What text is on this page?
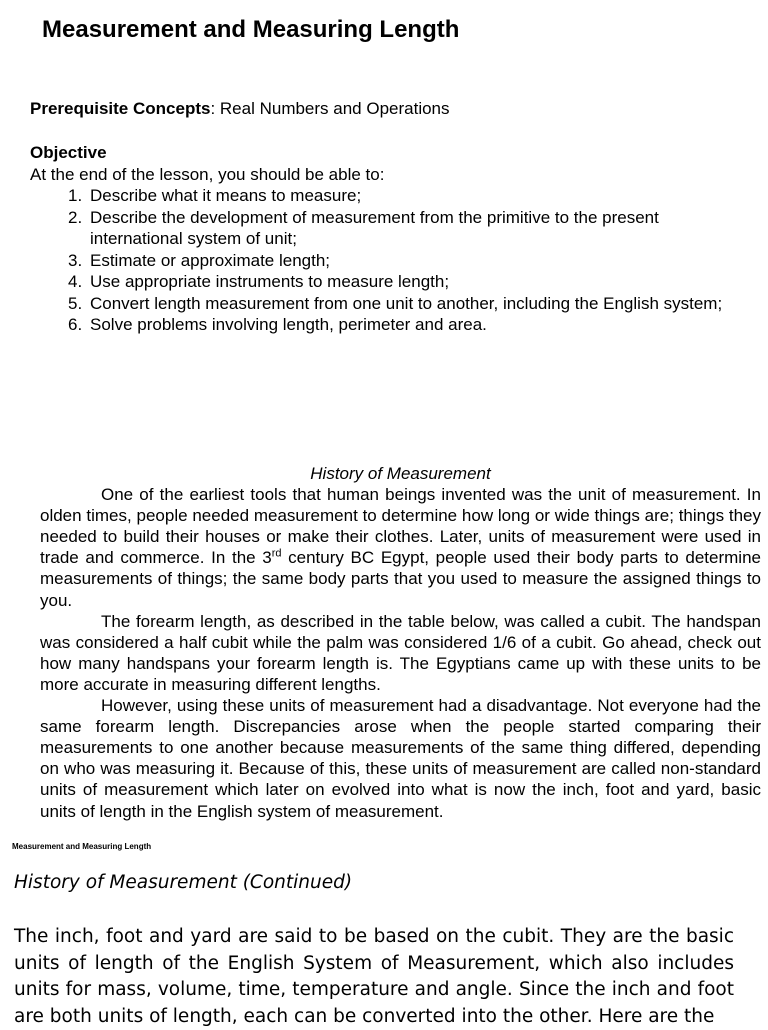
Measurement and Measuring Length
Prerequisite Concepts: Real Numbers and Operations
Objective
At the end of the lesson, you should be able to:
1. Describe what it means to measure;
2. Describe the development of measurement from the primitive to the present international system of unit;
3. Estimate or approximate length;
4. Use appropriate instruments to measure length;
5. Convert length measurement from one unit to another, including the English system;
6. Solve problems involving length, perimeter and area.
History of Measurement

One of the earliest tools that human beings invented was the unit of measurement. In olden times, people needed measurement to determine how long or wide things are; things they needed to build their houses or make their clothes. Later, units of measurement were used in trade and commerce. In the 3rd century BC Egypt, people used their body parts to determine measurements of things; the same body parts that you used to measure the assigned things to you.

The forearm length, as described in the table below, was called a cubit. The handspan was considered a half cubit while the palm was considered 1/6 of a cubit. Go ahead, check out how many handspans your forearm length is. The Egyptians came up with these units to be more accurate in measuring different lengths.

However, using these units of measurement had a disadvantage. Not everyone had the same forearm length. Discrepancies arose when the people started comparing their measurements to one another because measurements of the same thing differed, depending on who was measuring it. Because of this, these units of measurement are called non-standard units of measurement which later on evolved into what is now the inch, foot and yard, basic units of length in the English system of measurement.

Measurement and Measuring Length
History of Measurement (Continued)

The inch, foot and yard are said to be based on the cubit. They are the basic units of length of the English System of Measurement, which also includes units for mass, volume, time, temperature and angle. Since the inch and foot are both units of length, each can be converted into the other. Here are the
